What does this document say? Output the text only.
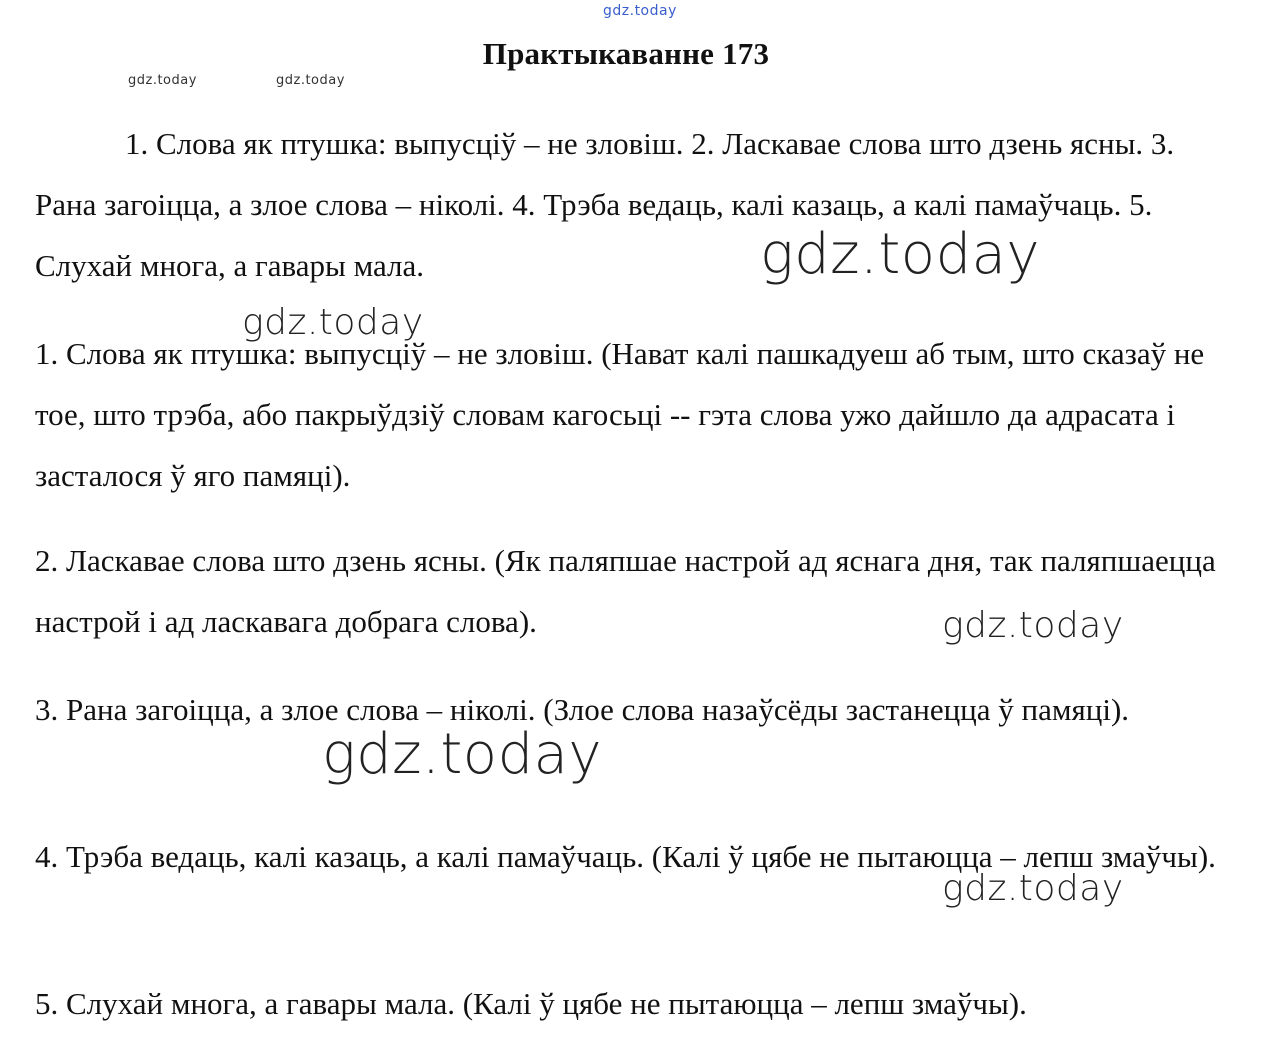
gdz.today
Практыкаванне 173
gdz.today	gdz.today

1. Слова як птушка: выпусціў – не зловіш. 2. Ласкавае слова што дзень ясны. 3. Рана загоіцца, а злое слова – ніколі. 4. Трэба ведаць, калі казаць, а калі памаўчаць. 5. Слухай многа, а гавары мала.	gdz.today
gdz.today

1. Слова як птушка: выпусціў – не зловіш. (Нават калі пашкадуеш аб тым, што сказаў не тое, што трэба, або пакрыўдзіў словам кагосьці -- гэта слова ужо дайшло да адрасата і засталося ў яго памяці).

2. Ласкавае слова што дзень ясны. (Як паляпшае настрой ад яснага дня, так паляпшаецца настрой і ад ласкавага добрага слова).	gdz.today

3. Рана загоіцца, а злое слова – ніколі. (Злое слова назаўсёды застанецца ў памяці).

gdz.today

4. Трэба ведаць, калі казаць, а калі памаўчаць. (Калі ў цябе не пытаюцца – лепш змаўчы).

gdz.today

5. Слухай многа, а гавары мала. (Калі ў цябе не пытаюцца – лепш змаўчы).
